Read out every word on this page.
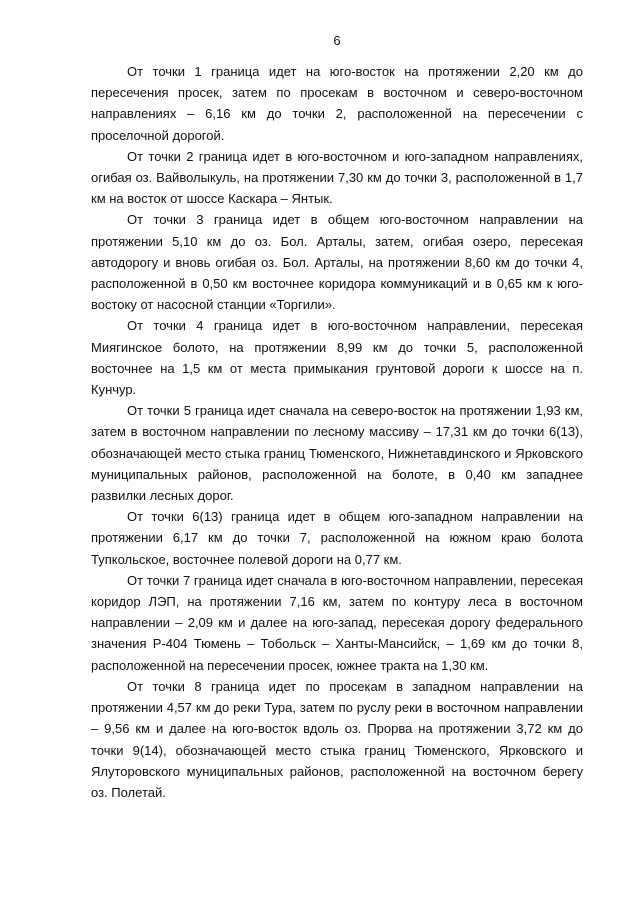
6

От точки 1 граница идет на юго-восток на протяжении 2,20 км до пересечения просек, затем по просекам в восточном и северо-восточном направлениях – 6,16 км до точки 2, расположенной на пересечении с проселочной дорогой.

От точки 2 граница идет в юго-восточном и юго-западном направлениях, огибая оз. Вайволыкуль, на протяжении 7,30 км до точки 3, расположенной в 1,7 км на восток от шоссе Каскара – Янтык.

От точки 3 граница идет в общем юго-восточном направлении на протяжении 5,10 км до оз. Бол. Арталы, затем, огибая озеро, пересекая автодорогу и вновь огибая оз. Бол. Арталы, на протяжении 8,60 км до точки 4, расположенной в 0,50 км восточнее коридора коммуникаций и в 0,65 км к юго-востоку от насосной станции «Торгили».

От точки 4 граница идет в юго-восточном направлении, пересекая Миягинское болото, на протяжении 8,99 км до точки 5, расположенной восточнее на 1,5 км от места примыкания грунтовой дороги к шоссе на п. Кунчур.

От точки 5 граница идет сначала на северо-восток на протяжении 1,93 км, затем в восточном направлении по лесному массиву – 17,31 км до точки 6(13), обозначающей место стыка границ Тюменского, Нижнетавдинского и Ярковского муниципальных районов, расположенной на болоте, в 0,40 км западнее развилки лесных дорог.

От точки 6(13) граница идет в общем юго-западном направлении на протяжении 6,17 км до точки 7, расположенной на южном краю болота Тупкольское, восточнее полевой дороги на 0,77 км.

От точки 7 граница идет сначала в юго-восточном направлении, пересекая коридор ЛЭП, на протяжении 7,16 км, затем по контуру леса в восточном направлении – 2,09 км и далее на юго-запад, пересекая дорогу федерального значения Р-404 Тюмень – Тобольск – Ханты-Мансийск, – 1,69 км до точки 8, расположенной на пересечении просек, южнее тракта на 1,30 км.

От точки 8 граница идет по просекам в западном направлении на протяжении 4,57 км до реки Тура, затем по руслу реки в восточном направлении – 9,56 км и далее на юго-восток вдоль оз. Прорва на протяжении 3,72 км до точки 9(14), обозначающей место стыка границ Тюменского, Ярковского и Ялуторовского муниципальных районов, расположенной на восточном берегу оз. Полетай.
